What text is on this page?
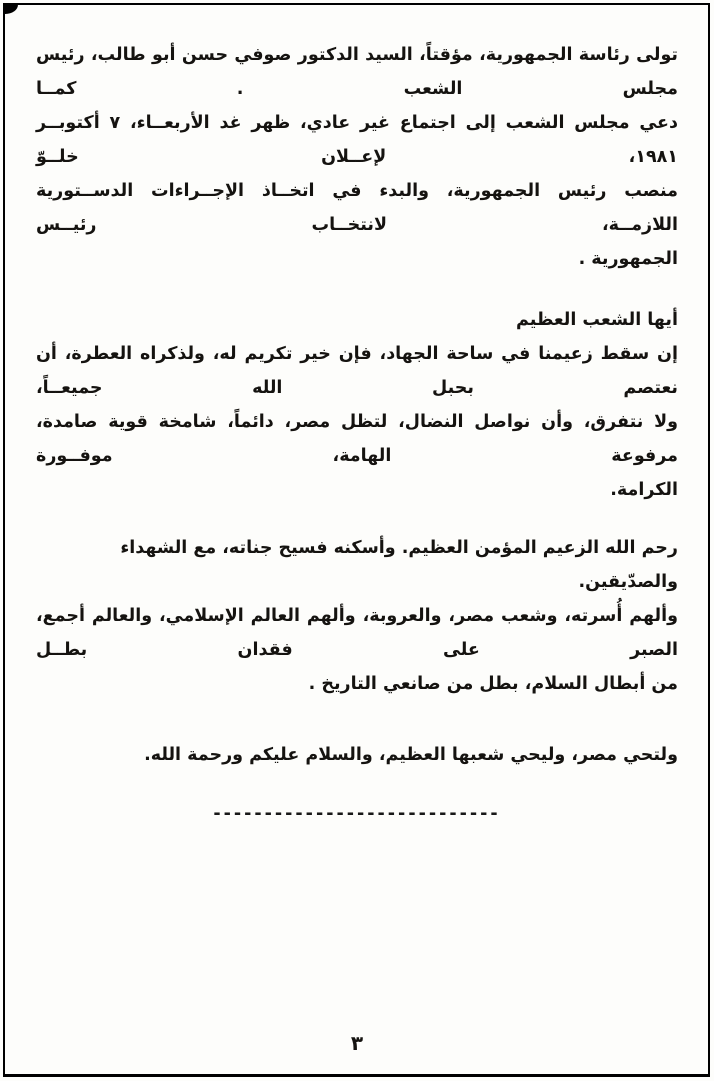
تولى رئاسة الجمهورية، مؤقتاً، السيد الدكتور صوفي حسن أبو طالب، رئيس مجلس الشعب . كمــا
دعي مجلس الشعب إلى اجتماع غير عادي، ظهر غد الأربعــاء، ٧ أكتوبــر ١٩٨١، لإعــلان خلــوّ
منصب رئيس الجمهورية، والبدء في اتخــاذ الإجــراءات الدســتورية اللازمــة، لانتخــاب رئيــس
الجمهورية .
أيها الشعب العظيم
إن سقط زعيمنا في ساحة الجهاد، فإن خير تكريم له، ولذكراه العطرة، أن نعتصم بحبل الله جميعــاً،
ولا نتفرق، وأن نواصل النضال، لتظل مصر، دائماً، شامخة قوية صامدة، مرفوعة الهامة، موفــورة
الكرامة.
رحم الله الزعيم المؤمن العظيم. وأسكنه فسيح جناته، مع الشهداء والصدّيقين.
وألهم أُسرته، وشعب مصر، والعروبة، وألهم العالم الإسلامي، والعالم أجمع، الصبر على فقدان بطــل
من أبطال السلام، بطل من صانعي التاريخ .
ولتحي مصر، وليحي شعبها العظيم، والسلام عليكم ورحمة الله.
----------------------------
٣
